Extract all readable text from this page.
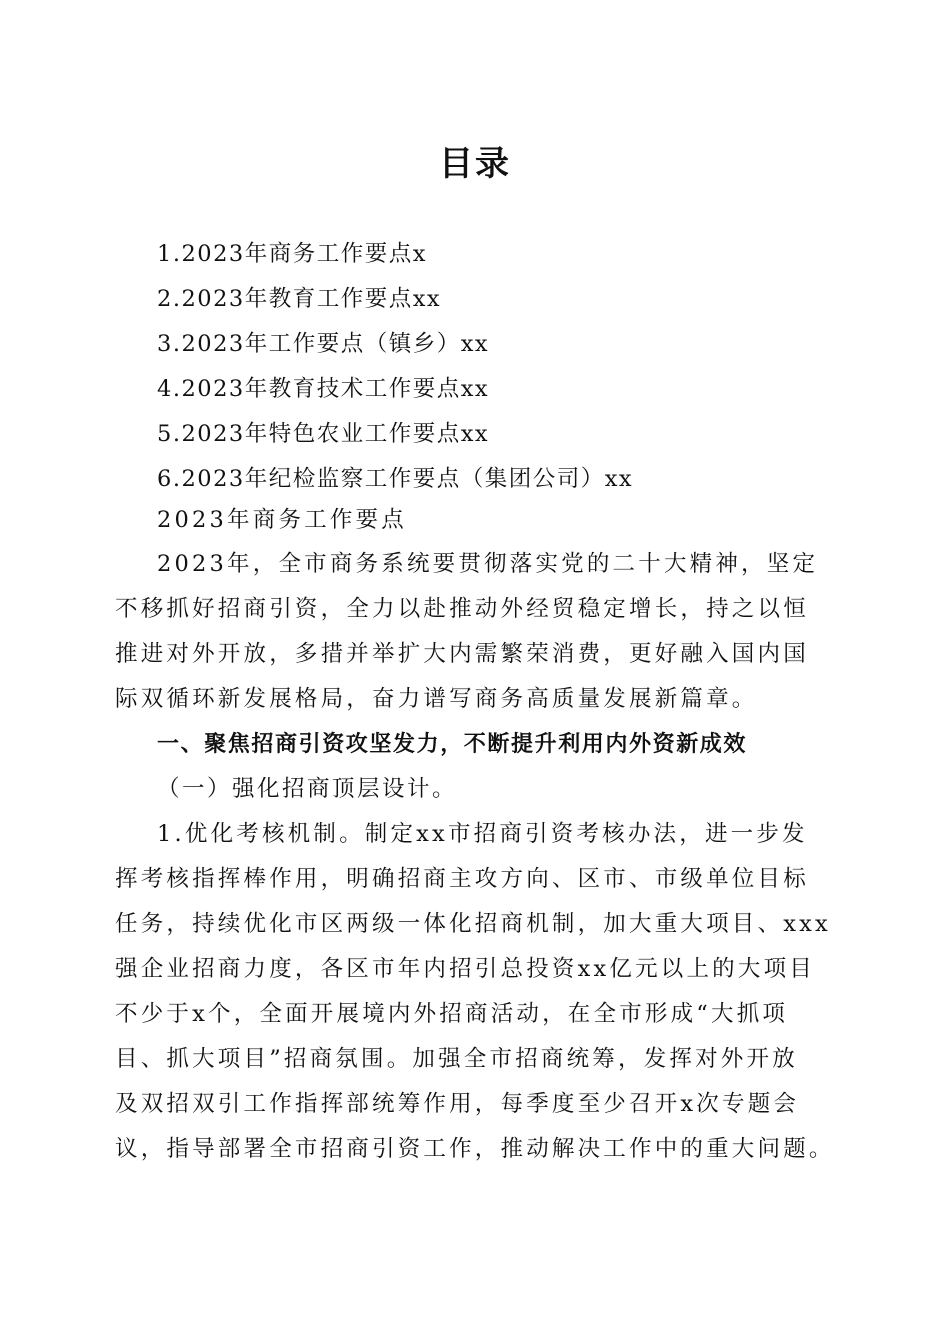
目录
1.2023年商务工作要点x
2.2023年教育工作要点xx
3.2023年工作要点（镇乡）xx
4.2023年教育技术工作要点xx
5.2023年特色农业工作要点xx
6.2023年纪检监察工作要点（集团公司）xx
2023年商务工作要点
2023年，全市商务系统要贯彻落实党的二十大精神，坚定
不移抓好招商引资，全力以赴推动外经贸稳定增长，持之以恒
推进对外开放，多措并举扩大内需繁荣消费，更好融入国内国
际双循环新发展格局，奋力谱写商务高质量发展新篇章。
一、聚焦招商引资攻坚发力，不断提升利用内外资新成效
（一）强化招商顶层设计。
1.优化考核机制。制定xx市招商引资考核办法，进一步发
挥考核指挥棒作用，明确招商主攻方向、区市、市级单位目标
任务，持续优化市区两级一体化招商机制，加大重大项目、xxx
强企业招商力度，各区市年内招引总投资xx亿元以上的大项目
不少于x个，全面开展境内外招商活动，在全市形成“大抓项
目、抓大项目”招商氛围。加强全市招商统筹，发挥对外开放
及双招双引工作指挥部统筹作用，每季度至少召开x次专题会
议，指导部署全市招商引资工作，推动解决工作中的重大问题。
